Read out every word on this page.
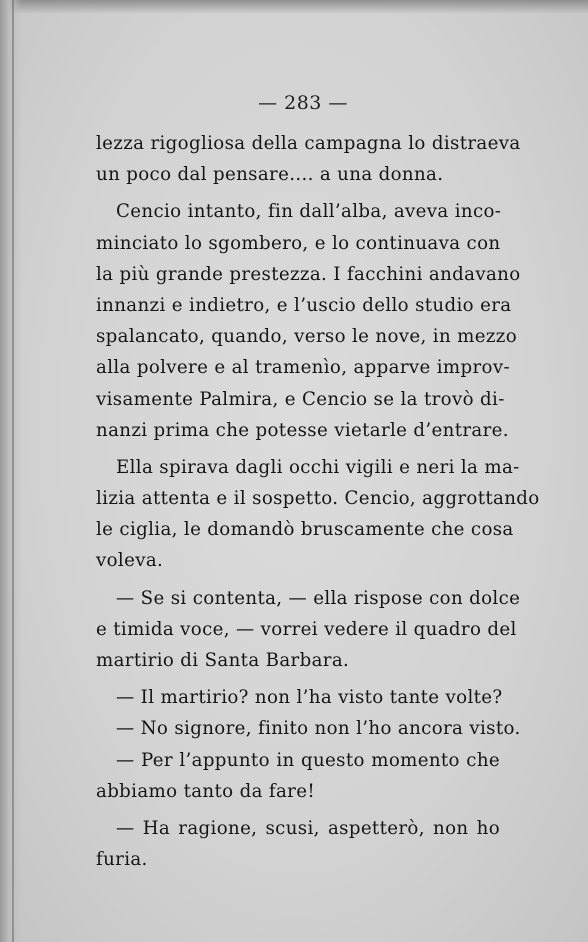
— 283 —
lezza rigogliosa della campagna lo distraeva
un poco dal pensare.... a una donna.
Cencio intanto, fin dall’alba, aveva inco-
minciato lo sgombero, e lo continuava con
la più grande prestezza. I facchini andavano
innanzi e indietro, e l’uscio dello studio era
spalancato, quando, verso le nove, in mezzo
alla polvere e al tramenìo, apparve improv-
visamente Palmira, e Cencio se la trovò di-
nanzi prima che potesse vietarle d’entrare.
Ella spirava dagli occhi vigili e neri la ma-
lizia attenta e il sospetto. Cencio, aggrottando
le ciglia, le domandò bruscamente che cosa
voleva.
— Se si contenta, — ella rispose con dolce
e timida voce, — vorrei vedere il quadro del
martirio di Santa Barbara.
— Il martirio? non l’ha visto tante volte?
— No signore, finito non l’ho ancora visto.
— Per l’appunto in questo momento che
abbiamo tanto da fare!
— Ha ragione, scusi, aspetterò, non ho
furia.
